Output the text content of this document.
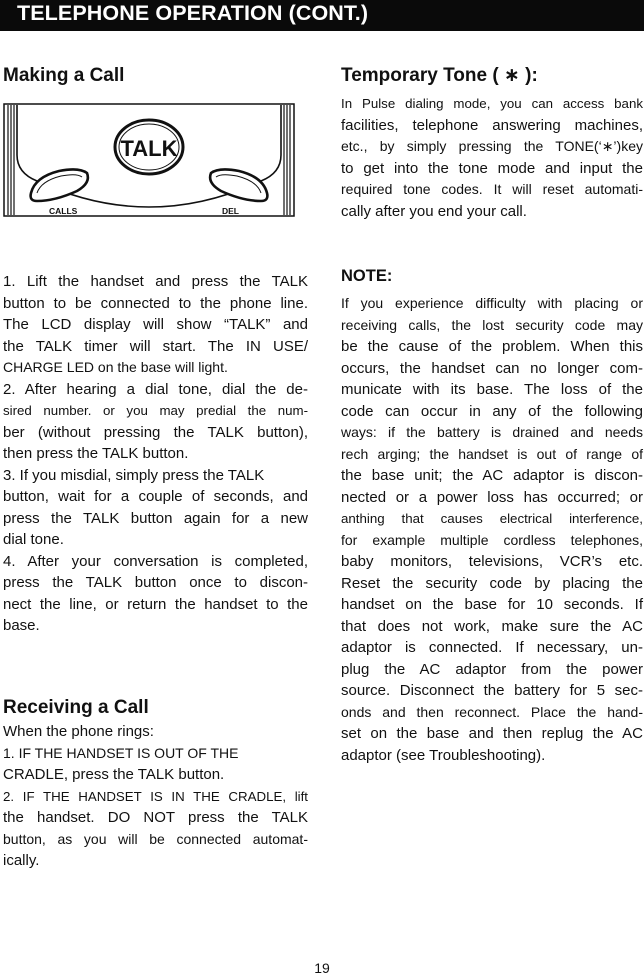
TELEPHONE OPERATION (CONT.)
Making a Call
1. Lift the handset and press the TALK
button to be connected to the phone line.
The LCD display will show “TALK” and
the TALK timer will start. The IN USE/
CHARGE LED on the base will light.
2. After hearing a dial tone, dial the de-
sired number. or you may predial the num-
ber (without pressing the TALK button),
then press the TALK button.
3. If you misdial, simply press the TALK
button, wait for a couple of seconds, and
press the TALK button again for a new
dial tone.
4. After your conversation is completed,
press the TALK button once to discon-
nect the line, or return the handset to the
base.
Receiving a Call
When the phone rings:
1. IF THE HANDSET IS OUT OF THE
CRADLE, press the TALK button.
2. IF THE HANDSET IS IN THE CRADLE, lift
the handset. DO NOT press the TALK
button, as you will be connected automat-
ically.
TALK
CALLS	DEL
Temporary Tone ( ∗ ):
In Pulse dialing mode, you can access bank
facilities, telephone answering machines,
etc., by simply pressing the TONE(‘∗’)key
to get into the tone mode and input the
required tone codes. It will reset automati-
cally after you end your call.
NOTE:
If you experience difficulty with placing or
receiving calls, the lost security code may
be the cause of the problem. When this
occurs, the handset can no longer com-
municate with its base. The loss of the
code can occur in any of the following
ways: if the battery is drained and needs
rech arging; the handset is out of range of
the base unit; the AC adaptor is discon-
nected or a power loss has occurred; or
anthing that causes electrical interference,
for example multiple cordless telephones,
baby monitors, televisions, VCR’s etc.
Reset the security code by placing the
handset on the base for 10 seconds. If
that does not work, make sure the AC
adaptor is connected. If necessary, un-
plug the AC adaptor from the power
source. Disconnect the battery for 5 sec-
onds and then reconnect. Place the hand-
set on the base and then replug the AC
adaptor (see Troubleshooting).
19
